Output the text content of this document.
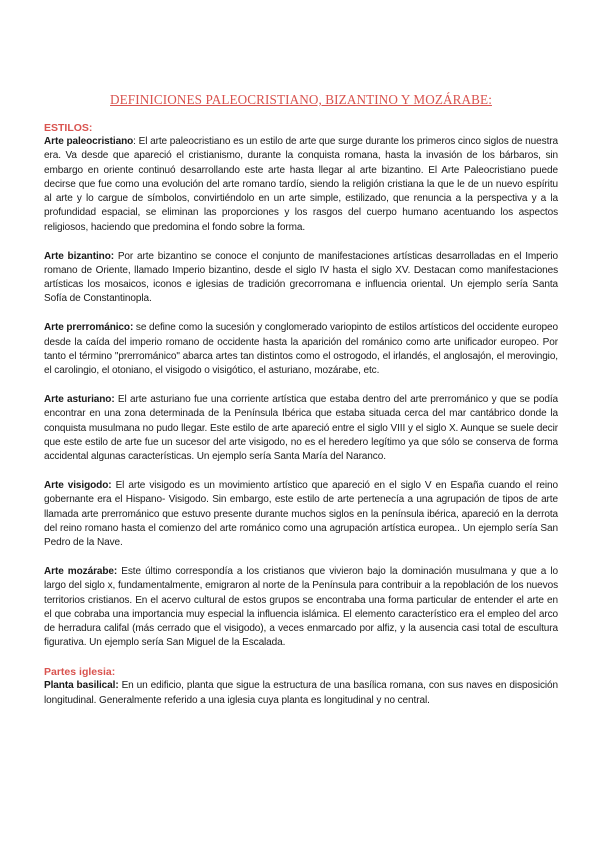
DEFINICIONES PALEOCRISTIANO, BIZANTINO Y MOZÁRABE:

ESTILOS:

Arte paleocristiano: El arte paleocristiano es un estilo de arte que surge durante los primeros cinco siglos de nuestra era. Va desde que apareció el cristianismo, durante la conquista romana, hasta la invasión de los bárbaros, sin embargo en oriente continuó desarrollando este arte hasta llegar al arte bizantino. El Arte Paleocristiano puede decirse que fue como una evolución del arte romano tardío, siendo la religión cristiana la que le de un nuevo espíritu al arte y lo cargue de símbolos, convirtiéndolo en un arte simple, estilizado, que renuncia a la perspectiva y a la profundidad espacial, se eliminan las proporciones y los rasgos del cuerpo humano acentuando los aspectos religiosos, haciendo que predomina el fondo sobre la forma.

Arte bizantino: Por arte bizantino se conoce el conjunto de manifestaciones artísticas desarrolladas en el Imperio romano de Oriente, llamado Imperio bizantino, desde el siglo IV hasta el siglo XV. Destacan como manifestaciones artísticas los mosaicos, iconos e iglesias de tradición grecorromana e influencia oriental. Un ejemplo sería Santa Sofía de Constantinopla.

Arte prerrománico: se define como la sucesión y conglomerado variopinto de estilos artísticos del occidente europeo desde la caída del imperio romano de occidente hasta la aparición del románico como arte unificador europeo. Por tanto el término "prerrománico" abarca artes tan distintos como el ostrogodo, el irlandés, el anglosajón, el merovingio, el carolingio, el otoniano, el visigodo o visigótico, el asturiano, mozárabe, etc.

Arte asturiano: El arte asturiano fue una corriente artística que estaba dentro del arte prerrománico y que se podía encontrar en una zona determinada de la Península Ibérica que estaba situada cerca del mar cantábrico donde la conquista musulmana no pudo llegar. Este estilo de arte apareció entre el siglo VIII y el siglo X. Aunque se suele decir que este estilo de arte fue un sucesor del arte visigodo, no es el heredero legítimo ya que sólo se conserva de forma accidental algunas características. Un ejemplo sería Santa María del Naranco.

Arte visigodo: El arte visigodo es un movimiento artístico que apareció en el siglo V en España cuando el reino gobernante era el Hispano- Visigodo. Sin embargo, este estilo de arte pertenecía a una agrupación de tipos de arte llamada arte prerrománico que estuvo presente durante muchos siglos en la península ibérica, apareció en la derrota del reino romano hasta el comienzo del arte románico como una agrupación artística europea.. Un ejemplo sería San Pedro de la Nave.

Arte mozárabe: Este último correspondía a los cristianos que vivieron bajo la dominación musulmana y que a lo largo del siglo x, fundamentalmente, emigraron al norte de la Península para contribuir a la repoblación de los nuevos territorios cristianos. En el acervo cultural de estos grupos se encontraba una forma particular de entender el arte en el que cobraba una importancia muy especial la influencia islámica. El elemento característico era el empleo del arco de herradura califal (más cerrado que el visigodo), a veces enmarcado por alfiz, y la ausencia casi total de escultura figurativa. Un ejemplo sería San Miguel de la Escalada.

Partes iglesia:

Planta basilical: En un edificio, planta que sigue la estructura de una basílica romana, con sus naves en disposición longitudinal. Generalmente referido a una iglesia cuya planta es longitudinal y no central.
